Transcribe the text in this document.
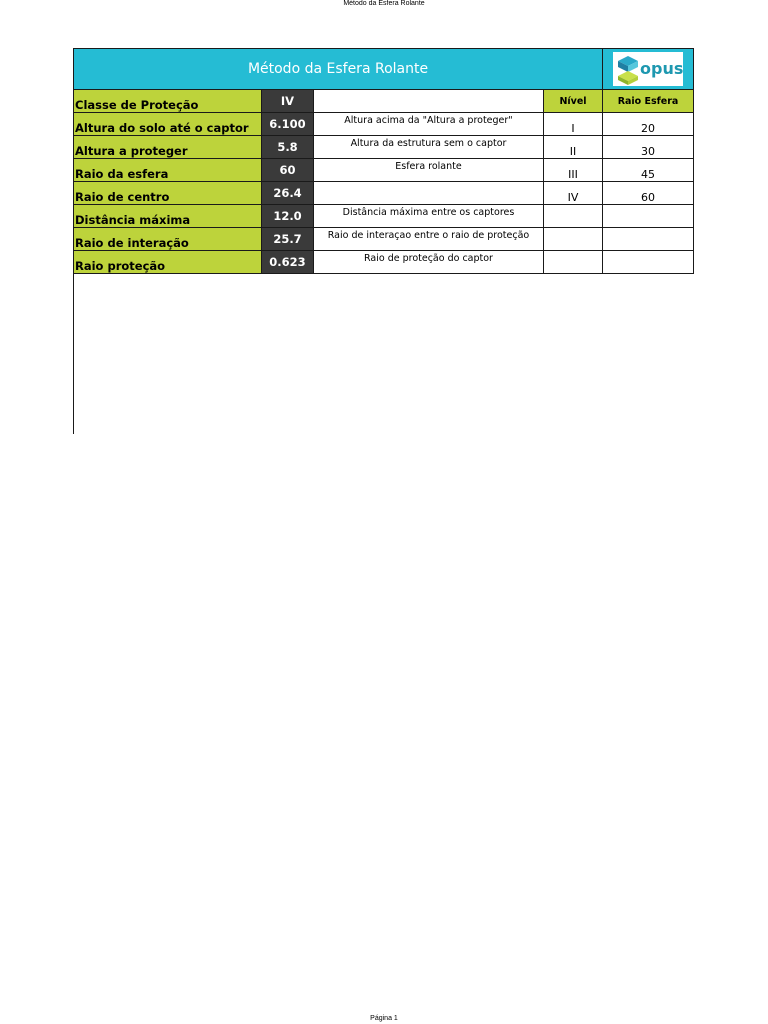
Método da Esfera Rolante
Método da Esfera Rolante				opus

Classe de Proteção	IV		Nível	Raio Esfera
Altura do solo até o captor	6.100	Altura acima da "Altura a proteger"	I	20
Altura a proteger	5.8	Altura da estrutura sem o captor	II	30
Raio da esfera	60	Esfera rolante	III	45
Raio de centro	26.4		IV	60
Distância máxima	12.0	Distância máxima entre os captores		
Raio de interação	25.7	Raio de interaçao entre o raio de proteção		
Raio proteção	0.623	Raio de proteção do captor		
Página 1
